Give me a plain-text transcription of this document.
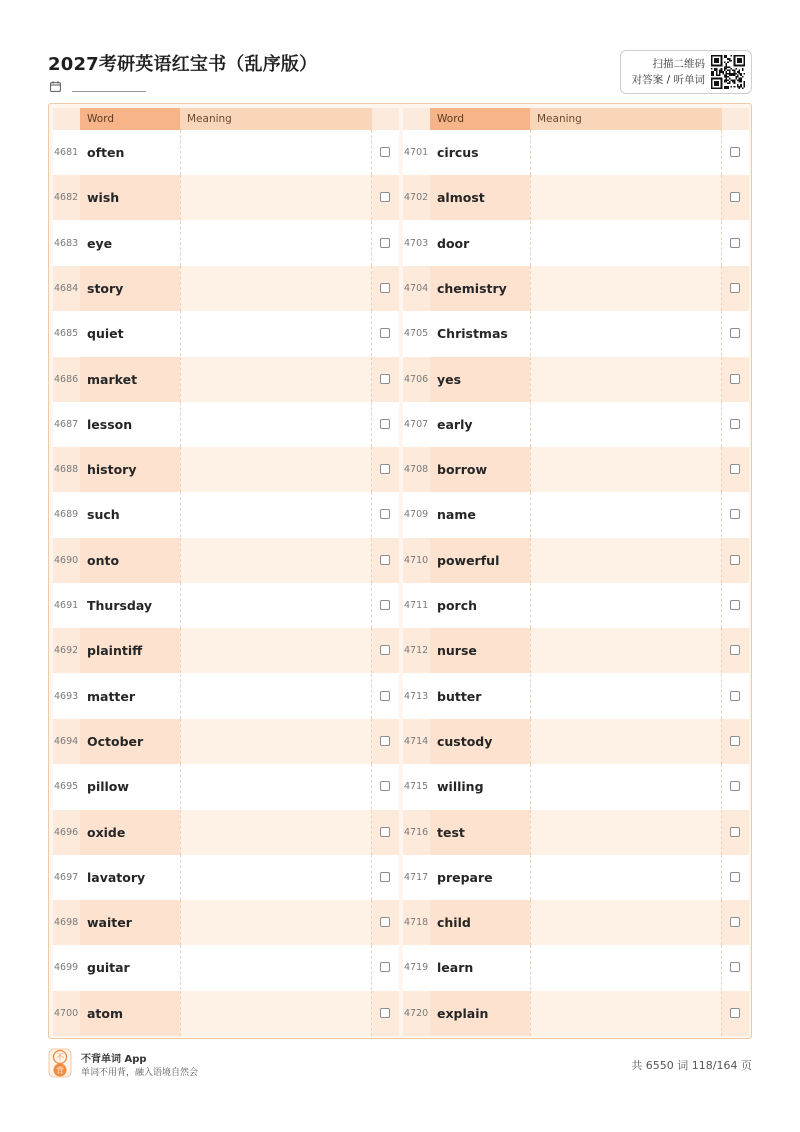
2027考研英语红宝书（乱序版）	扫描二维码
对答案 / 听单词
Word	Meaning
4681 often
4682 wish
4683 eye
4684 story
4685 quiet
4686 market
4687 lesson
4688 history
4689 such
4690 onto
4691 Thursday
4692 plaintiff
4693 matter
4694 October
4695 pillow
4696 oxide
4697 lavatory
4698 waiter
4699 guitar
4700 atom
Word	Meaning
4701 circus
4702 almost
4703 door
4704 chemistry
4705 Christmas
4706 yes
4707 early
4708 borrow
4709 name
4710 powerful
4711 porch
4712 nurse
4713 butter
4714 custody
4715 willing
4716 test
4717 prepare
4718 child
4719 learn
4720 explain
不
背
不背单词 App
单词不用背，融入语境自然会
共 6550 词 118/164 页
